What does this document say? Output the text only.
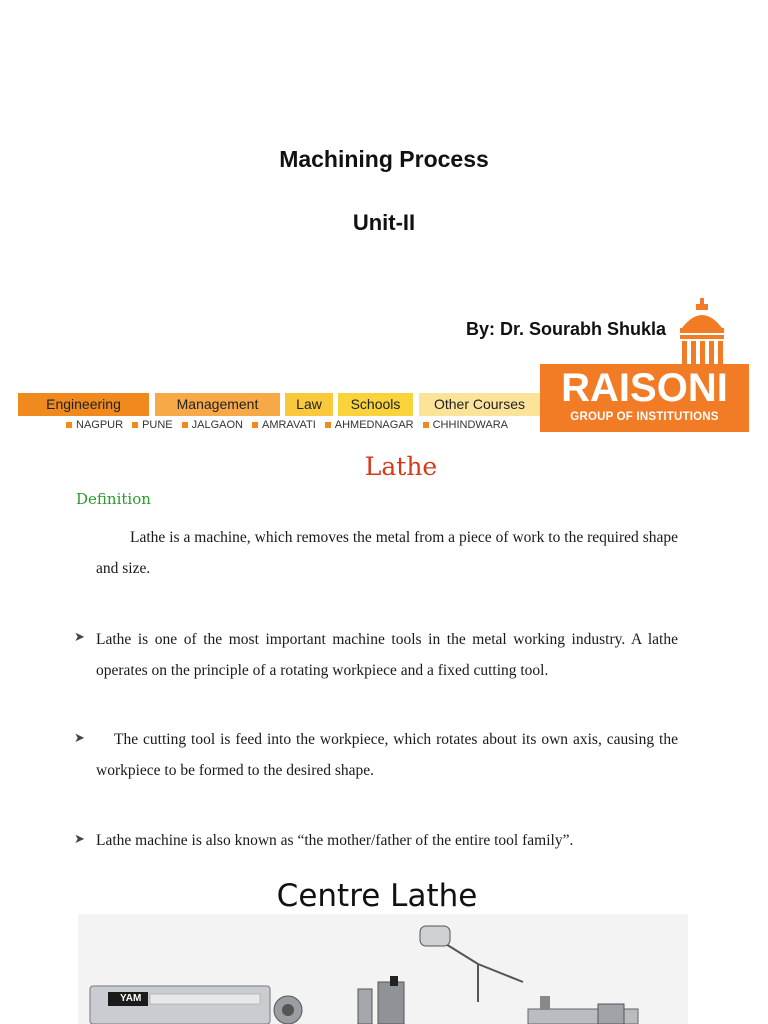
Machining Process
Unit-II
By: Dr. Sourabh Shukla
Engineering	Management	Law	Schools	Other Courses
NAGPUR PUNE JALGAON AMRAVATI AHMEDNAGAR CHHINDWARA
RAISONI
GROUP OF INSTITUTIONS
Lathe
Definition
Lathe is a machine, which removes the metal from a piece of work to the required shape and size.
➤ Lathe is one of the most important machine tools in the metal working industry. A lathe operates on the principle of a rotating workpiece and a fixed cutting tool.
➤	The cutting tool is feed into the workpiece, which rotates about its own axis, causing the workpiece to be formed to the desired shape.
➤ Lathe machine is also known as “the mother/father of the entire tool family”.
Centre Lathe
YAM
